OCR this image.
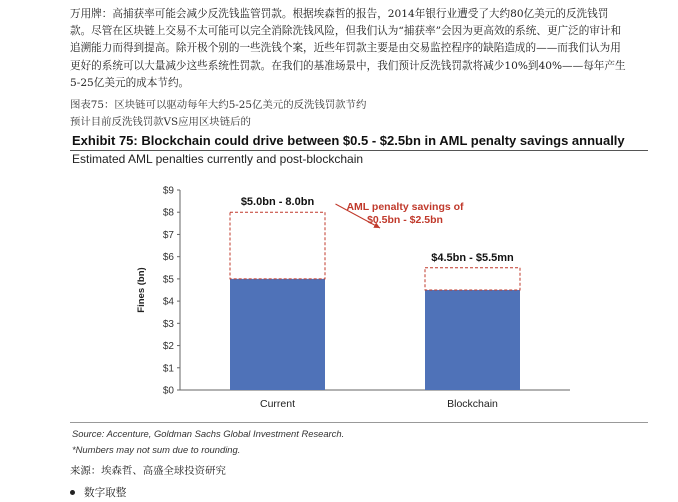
万用牌：高捕获率可能会减少反洗钱监管罚款。根据埃森哲的报告，2014年银行业遭受了大约80亿美元的反洗钱罚

款。尽管在区块链上交易不太可能可以完全消除洗钱风险，但我们认为“捕获率”会因为更高效的系统、更广泛的审计和

追溯能力而得到提高。除开极个别的一些洗钱个案，近些年罚款主要是由交易监控程序的缺陷造成的——而我们认为用

更好的系统可以大量减少这些系统性罚款。在我们的基准场景中，我们预计反洗钱罚款将减少10%到40%——每年产生

5-25亿美元的成本节约。

图表75：区块链可以驱动每年大约5-25亿美元的反洗钱罚款节约
预计目前反洗钱罚款VS应用区块链后的
Exhibit 75: Blockchain could drive between $0.5 - $2.5bn in AML penalty savings annually
Estimated AML penalties currently and post-blockchain
$0
$1
$2
$3
$4
$5
$6
$7
$8
$9
Fines (bn)
Current
$5.0bn - 8.0bn
Blockchain
$4.5bn - $5.5mn
AML penalty savings of
$0.5bn - $2.5bn
Source: Accenture, Goldman Sachs Global Investment Research.
*Numbers may not sum due to rounding.
来源：埃森哲、高盛全球投资研究
数字取整
